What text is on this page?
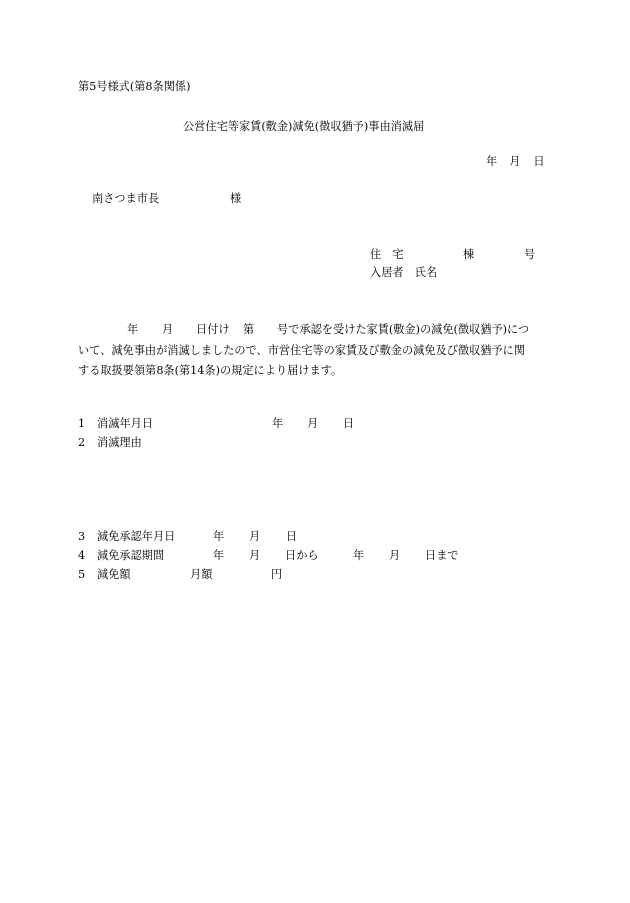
第5号様式(第8条関係)
公営住宅等家賃(敷金)減免(徴収猶予)事由消滅届
年 月 日
南さつま市長	様
住　宅	棟	号
入居者　氏名
年 月 日付け 第 号で承認を受けた家賃(敷金)の減免(徴収猶予)につ
いて、減免事由が消滅しましたので、市営住宅等の家賃及び敷金の減免及び徴収猶予に関
する取扱要領第8条(第14条)の規定により届けます。
1 消滅年月日	年 月 日
2 消滅理由
3 減免承認年月日	年 月 日
4 減免承認期間	年 月 日から	年 月 日まで
5 減免額	月額	円
